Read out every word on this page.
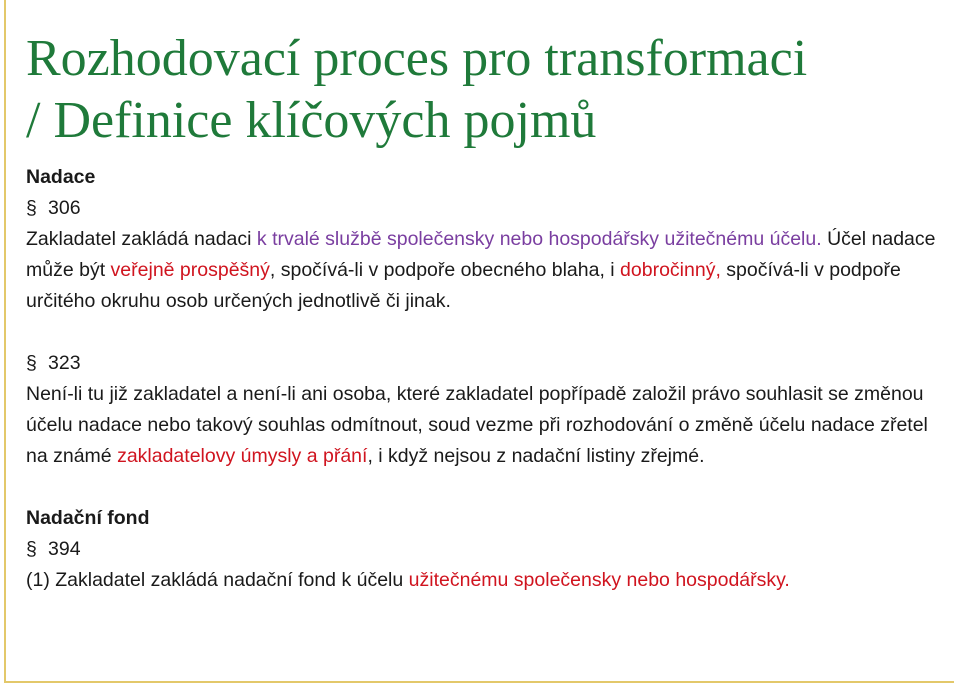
Rozhodovací proces pro transformaci
/ Definice klíčových pojmů

Nadace

§ 306

Zakladatel zakládá nadaci k trvalé službě společensky nebo hospodářsky užitečnému účelu. Účel nadace může být veřejně prospěšný, spočívá-li v podpoře obecného blaha, i dobročinný, spočívá-li v podpoře určitého okruhu osob určených jednotlivě či jinak.

§ 323

Není-li tu již zakladatel a není-li ani osoba, které zakladatel popřípadě založil právo souhlasit se změnou účelu nadace nebo takový souhlas odmítnout, soud vezme při rozhodování o změně účelu nadace zřetel na známé zakladatelovy úmysly a přání, i když nejsou z nadační listiny zřejmé.

Nadační fond

§ 394

(1) Zakladatel zakládá nadační fond k účelu užitečnému společensky nebo hospodářsky.
